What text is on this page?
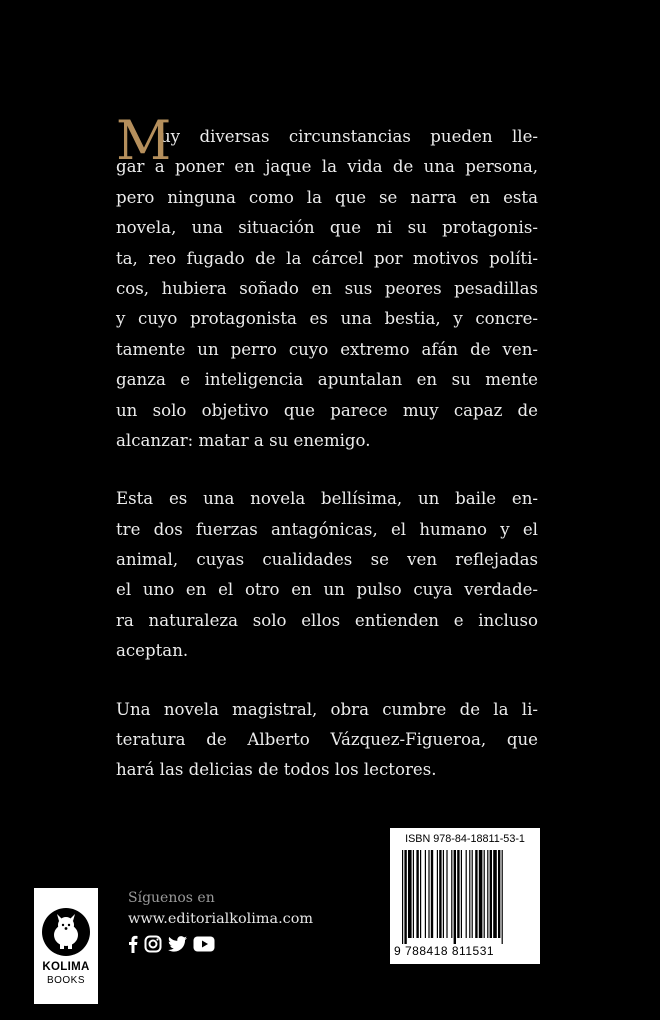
M
uy diversas circunstancias pueden lle-
gar a poner en jaque la vida de una persona,
pero ninguna como la que se narra en esta
novela, una situación que ni su protagonis-
ta, reo fugado de la cárcel por motivos políti-
cos, hubiera soñado en sus peores pesadillas
y cuyo protagonista es una bestia, y concre-
tamente un perro cuyo extremo afán de ven-
ganza e inteligencia apuntalan en su mente
un solo objetivo que parece muy capaz de
alcanzar: matar a su enemigo.
Esta es una novela bellísima, un baile en-
tre dos fuerzas antagónicas, el humano y el
animal, cuyas cualidades se ven reflejadas
el uno en el otro en un pulso cuya verdade-
ra naturaleza solo ellos entienden e incluso
aceptan.
Una novela magistral, obra cumbre de la li-
teratura de Alberto Vázquez-Figueroa, que
hará las delicias de todos los lectores.
ISBN 978-84-18811-53-1
9 788418 811531
KOLIMA
BOOKS
Síguenos en
www.editorialkolima.com
